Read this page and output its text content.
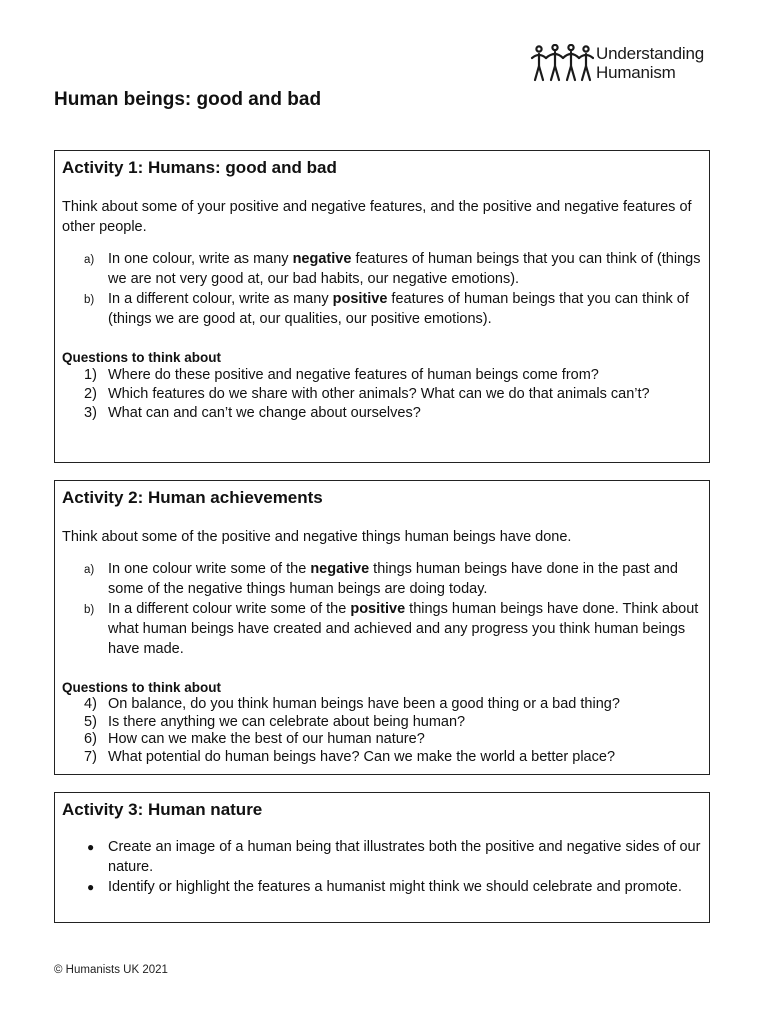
Understanding
Humanism
Human beings: good and bad
Activity 1: Humans: good and bad

Think about some of your positive and negative features, and the positive and negative features of other people.

a) In one colour, write as many negative features of human beings that you can think of (things we are not very good at, our bad habits, our negative emotions).
b) In a different colour, write as many positive features of human beings that you can think of (things we are good at, our qualities, our positive emotions).

Questions to think about

1) Where do these positive and negative features of human beings come from?
2) Which features do we share with other animals? What can we do that animals can’t?
3) What can and can’t we change about ourselves?
Activity 2: Human achievements

Think about some of the positive and negative things human beings have done.

a) In one colour write some of the negative things human beings have done in the past and some of the negative things human beings are doing today.
b) In a different colour write some of the positive things human beings have done. Think about what human beings have created and achieved and any progress you think human beings have made.

Questions to think about

4) On balance, do you think human beings have been a good thing or a bad thing?
5) Is there anything we can celebrate about being human?
6) How can we make the best of our human nature?
7) What potential do human beings have? Can we make the world a better place?
Activity 3: Human nature
● Create an image of a human being that illustrates both the positive and negative sides of our nature.
● Identify or highlight the features a humanist might think we should celebrate and promote.
© Humanists UK 2021
